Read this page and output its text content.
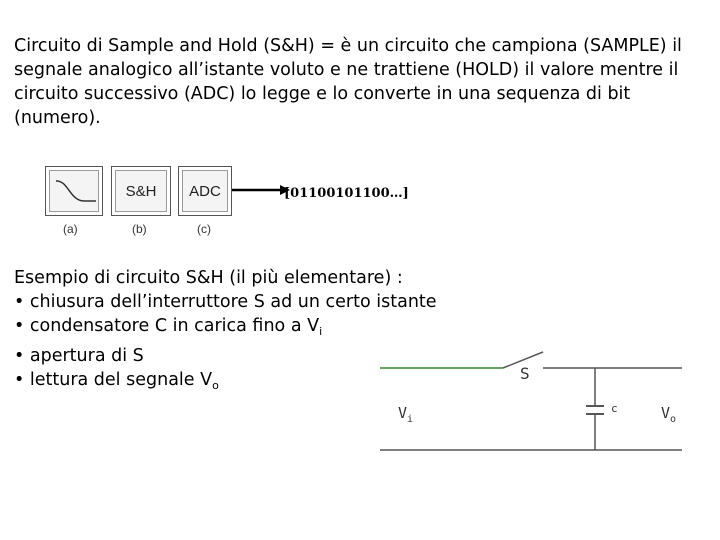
Circuito di Sample and Hold (S&H) = è un circuito che campiona (SAMPLE) il segnale analogico all’istante voluto e ne trattiene (HOLD) il valore mentre il circuito successivo (ADC) lo legge e lo converte in una sequenza di bit (numero).

(a)
S&H
(b)
ADC
(c)
[01100101100…]
Esempio di circuito S&H (il più elementare) :
• chiusura dell’interruttore S ad un certo istante
• condensatore C in carica fino a $V_i$
• apertura di S
• lettura del segnale $V_o$
S
c
$V_i$	$V_o$
